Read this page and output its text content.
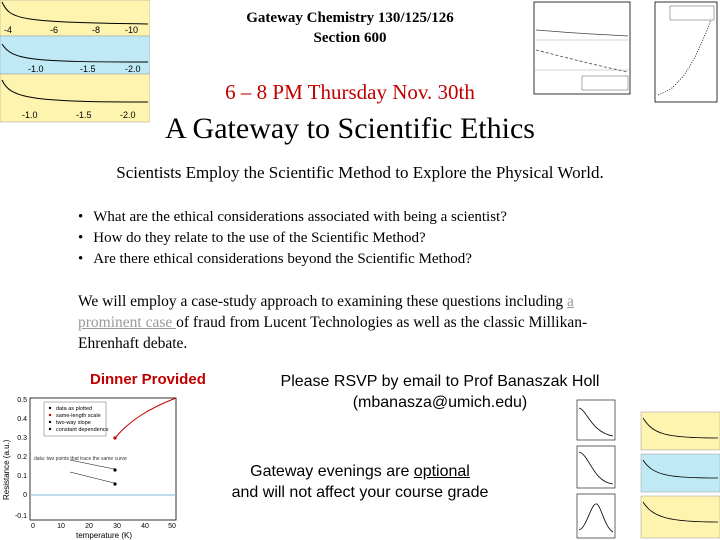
-4	-6	-8	-10
-1.0	-1.5	-2.0
-1.0	-1.5	-2.0
Gateway Chemistry 130/125/126
Section 600
6 – 8 PM Thursday Nov. 30th
A Gateway to Scientific Ethics
Scientists Employ the Scientific Method to Explore the Physical World.
• What are the ethical considerations associated with being a scientist?
• How do they relate to the use of the Scientific Method?
• Are there ethical considerations beyond the Scientific Method?
We will employ a case-study approach to examining these questions including a prominent case of fraud from Lucent Technologies as well as the classic Millikan-Ehrenhaft debate.
Dinner Provided	Please RSVP by email to Prof Banaszak Holl
(mbanasza@umich.edu)
Gateway evenings are optional
and will not affect your course grade
Resistance (a.u.)
0.5
0.4
0.3
0.2
0.1
0
-0.1
data as plotted
same-length scale
two-way slope
constant dependence
data: two points that trace the same curve
0	10	20	30	40	50
temperature (K)
